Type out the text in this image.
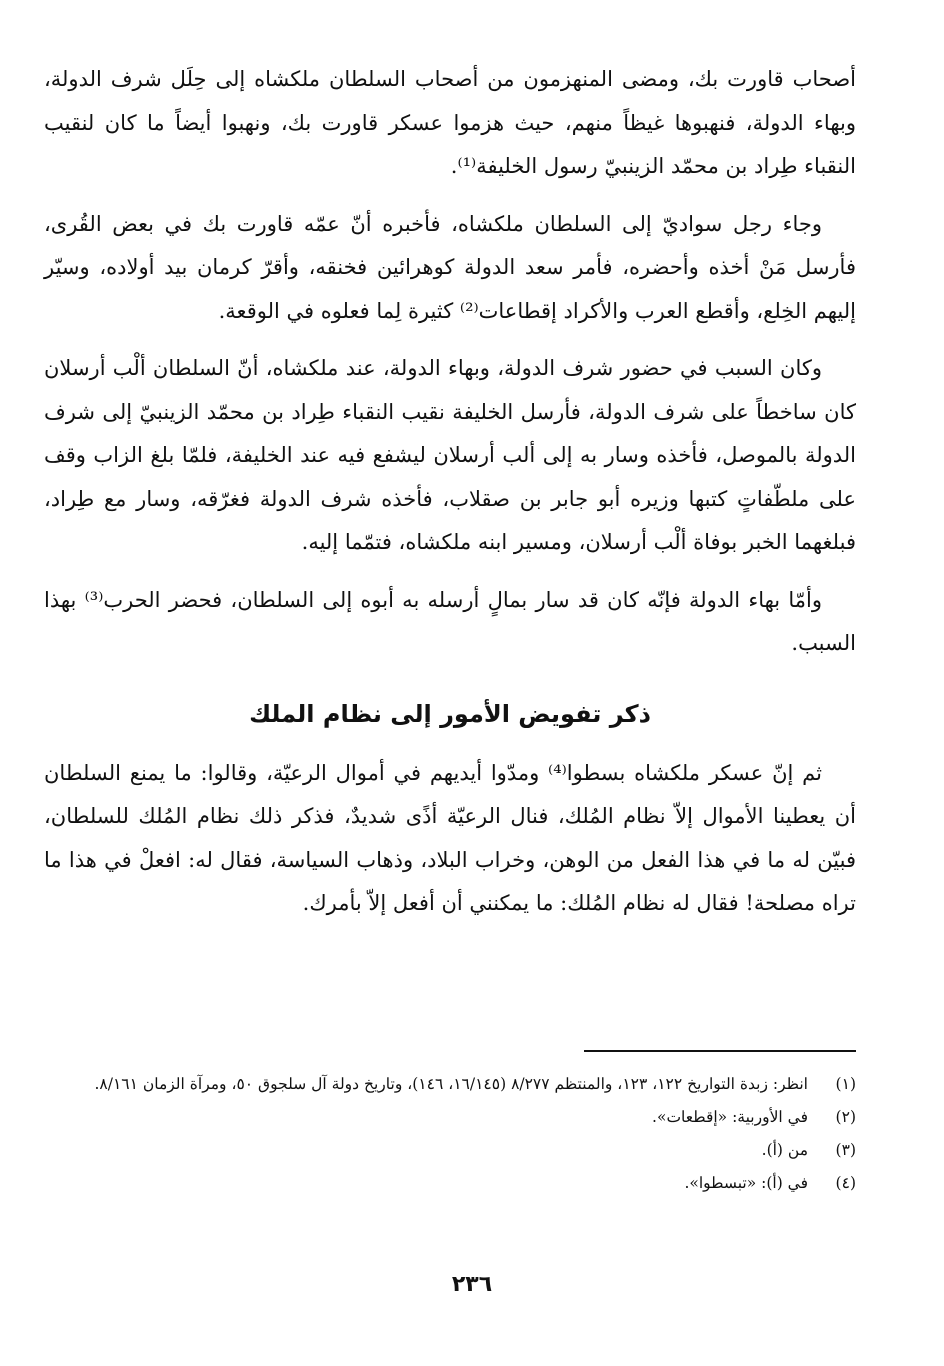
أصحاب قاورت بك، ومضى المنهزمون من أصحاب السلطان ملكشاه إلى حِلَل شرف الدولة، وبهاء الدولة، فنهبوها غيظاً منهم، حيث هزموا عسكر قاورت بك، ونهبوا أيضاً ما كان لنقيب النقباء طِراد بن محمّد الزينبيّ رسول الخليفة⁽¹⁾.

وجاء رجل سواديّ إلى السلطان ملكشاه، فأخبره أنّ عمّه قاورت بك في بعض القُرى، فأرسل مَنْ أخذه وأحضره، فأمر سعد الدولة كوهرائين فخنقه، وأقرّ كرمان بيد أولاده، وسيّر إليهم الخِلع، وأقطع العرب والأكراد إقطاعات⁽²⁾ كثيرة لِما فعلوه في الوقعة.

وكان السبب في حضور شرف الدولة، وبهاء الدولة، عند ملكشاه، أنّ السلطان ألْب أرسلان كان ساخطاً على شرف الدولة، فأرسل الخليفة نقيب النقباء طِراد بن محمّد الزينبيّ إلى شرف الدولة بالموصل، فأخذه وسار به إلى ألب أرسلان ليشفع فيه عند الخليفة، فلمّا بلغ الزاب وقف على ملطّفاتٍ كتبها وزيره أبو جابر بن صقلاب، فأخذه شرف الدولة فغرّقه، وسار مع طِراد، فبلغهما الخبر بوفاة ألْب أرسلان، ومسير ابنه ملكشاه، فتمّما إليه.

وأمّا بهاء الدولة فإنّه كان قد سار بمالٍ أرسله به أبوه إلى السلطان، فحضر الحرب⁽³⁾ بهذا السبب.

ذكر تفويض الأمور إلى نظام الملك

ثم إنّ عسكر ملكشاه بسطوا⁽⁴⁾ ومدّوا أيديهم في أموال الرعيّة، وقالوا: ما يمنع السلطان أن يعطينا الأموال إلاّ نظام المُلك، فنال الرعيّة أذًى شديدٌ، فذكر ذلك نظام المُلك للسلطان، فبيّن له ما في هذا الفعل من الوهن، وخراب البلاد، وذهاب السياسة، فقال له: افعلْ في هذا ما تراه مصلحة! فقال له نظام المُلك: ما يمكنني أن أفعل إلاّ بأمرك.

(١)
انظر: زبدة التواريخ ١٢٢، ١٢٣، والمنتظم ٨/٢٧٧ (١٦/١٤٥، ١٤٦)، وتاريخ دولة آل سلجوق ٥٠، ومرآة الزمان ٨/١٦١.
(٢)
في الأوربية: «إقطعات».
(٣)
من (أ).
(٤)
في (أ): «تبسطوا».
٢٣٦
